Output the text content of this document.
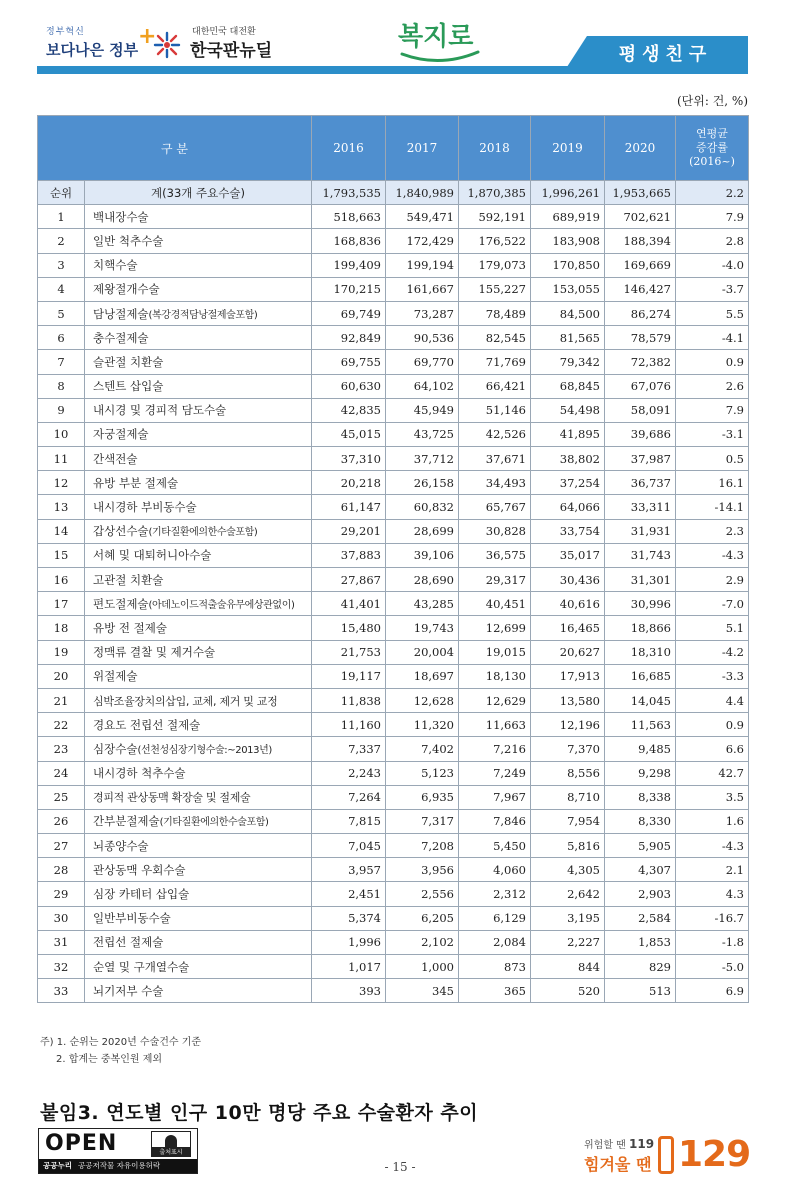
정부혁신
보다나은 정부
+	대한민국 대전환
한국판뉴딜	복지로
평생친구
(단위: 건, %)
구 분		2016	2017	2018	2019	2020	연평균
증감률
(2016~)

순위	계(33개 주요수술)	1,793,535	1,840,989	1,870,385	1,996,261	1,953,665	2.2
1	백내장수술	518,663	549,471	592,191	689,919	702,621	7.9
2	일반 척추수술	168,836	172,429	176,522	183,908	188,394	2.8
3	치핵수술	199,409	199,194	179,073	170,850	169,669	-4.0
4	제왕절개수술	170,215	161,667	155,227	153,055	146,427	-3.7
5	담낭절제술(복강경적담낭절제술포함)	69,749	73,287	78,489	84,500	86,274	5.5
6	충수절제술	92,849	90,536	82,545	81,565	78,579	-4.1
7	슬관절 치환술	69,755	69,770	71,769	79,342	72,382	0.9
8	스텐트 삽입술	60,630	64,102	66,421	68,845	67,076	2.6
9	내시경 및 경피적 담도수술	42,835	45,949	51,146	54,498	58,091	7.9
10	자궁절제술	45,015	43,725	42,526	41,895	39,686	-3.1
11	간색전술	37,310	37,712	37,671	38,802	37,987	0.5
12	유방 부분 절제술	20,218	26,158	34,493	37,254	36,737	16.1
13	내시경하 부비동수술	61,147	60,832	65,767	64,066	33,311	-14.1
14	갑상선수술(기타질환에의한수술포함)	29,201	28,699	30,828	33,754	31,931	2.3
15	서혜 및 대퇴허니아수술	37,883	39,106	36,575	35,017	31,743	-4.3
16	고관절 치환술	27,867	28,690	29,317	30,436	31,301	2.9
17	편도절제술(아데노이드적출술유무에상관없이)	41,401	43,285	40,451	40,616	30,996	-7.0
18	유방 전 절제술	15,480	19,743	12,699	16,465	18,866	5.1
19	정맥류 결찰 및 제거수술	21,753	20,004	19,015	20,627	18,310	-4.2
20	위절제술	19,117	18,697	18,130	17,913	16,685	-3.3
21	심박조율장치의삽입, 교체, 제거 및 교정	11,838	12,628	12,629	13,580	14,045	4.4
22	경요도 전립선 절제술	11,160	11,320	11,663	12,196	11,563	0.9
23	심장수술(선천성심장기형수술:~2013년)	7,337	7,402	7,216	7,370	9,485	6.6
24	내시경하 척추수술	2,243	5,123	7,249	8,556	9,298	42.7
25	경피적 관상동맥 확장술 및 절제술	7,264	6,935	7,967	8,710	8,338	3.5
26	간부분절제술(기타질환에의한수술포함)	7,815	7,317	7,846	7,954	8,330	1.6
27	뇌종양수술	7,045	7,208	5,450	5,816	5,905	-4.3
28	관상동맥 우회수술	3,957	3,956	4,060	4,305	4,307	2.1
29	심장 카테터 삽입술	2,451	2,556	2,312	2,642	2,903	4.3
30	일반부비동수술	5,374	6,205	6,129	3,195	2,584	-16.7
31	전립선 절제술	1,996	2,102	2,084	2,227	1,853	-1.8
32	순열 및 구개열수술	1,017	1,000	873	844	829	-5.0
33	뇌기저부 수술	393	345	365	520	513	6.9
주) 1. 순위는 2020년 수술건수 기준
2. 합계는 중복인원 제외
붙임3. 연도별 인구 10만 명당 주요 수술환자 추이
OPEN	출처표시
공공누리 공공저작물 자유이용허락	- 15 -
위험할 땐 119
힘겨울 땐 129
